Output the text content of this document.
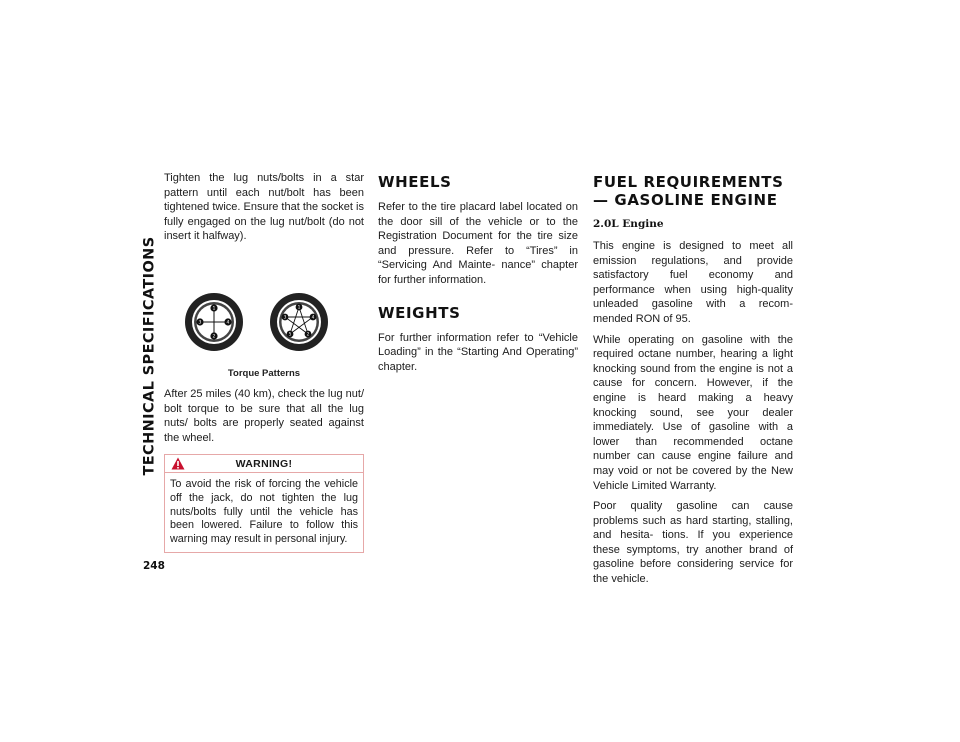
TECHNICAL SPECIFICATIONS
248

Tighten the lug nuts/bolts in a star pattern until each nut/bolt has been tightened twice. Ensure that the socket is fully engaged on the lug nut/bolt (do not insert it halfway).

1
4
2
3
1
4
2
5
3
Torque Patterns

After 25 miles (40 km), check the lug nut/ bolt torque to be sure that all the lug nuts/ bolts are properly seated against the wheel.

WARNING!
To avoid the risk of forcing the vehicle off the jack, do not tighten the lug nuts/bolts fully until the vehicle has been lowered. Failure to follow this warning may result in personal injury.
WHEELS

Refer to the tire placard label located on the door sill of the vehicle or to the Registration Document for the tire size and pressure. Refer to “Tires” in “Servicing And Mainte- nance” chapter for further information.

WEIGHTS

For further information refer to “Vehicle Loading” in the “Starting And Operating” chapter.

FUEL REQUIREMENTS — GASOLINE ENGINE
2.0L Engine

This engine is designed to meet all emission regulations, and provide satisfactory fuel economy and performance when using high-quality unleaded gasoline with a recom- mended RON of 95.

While operating on gasoline with the required octane number, hearing a light knocking sound from the engine is not a cause for concern. However, if the engine is heard making a heavy knocking sound, see your dealer immediately. Use of gasoline with a lower than recommended octane number can cause engine failure and may void or not be covered by the New Vehicle Limited Warranty.

Poor quality gasoline can cause problems such as hard starting, stalling, and hesita- tions. If you experience these symptoms, try another brand of gasoline before considering service for the vehicle.
